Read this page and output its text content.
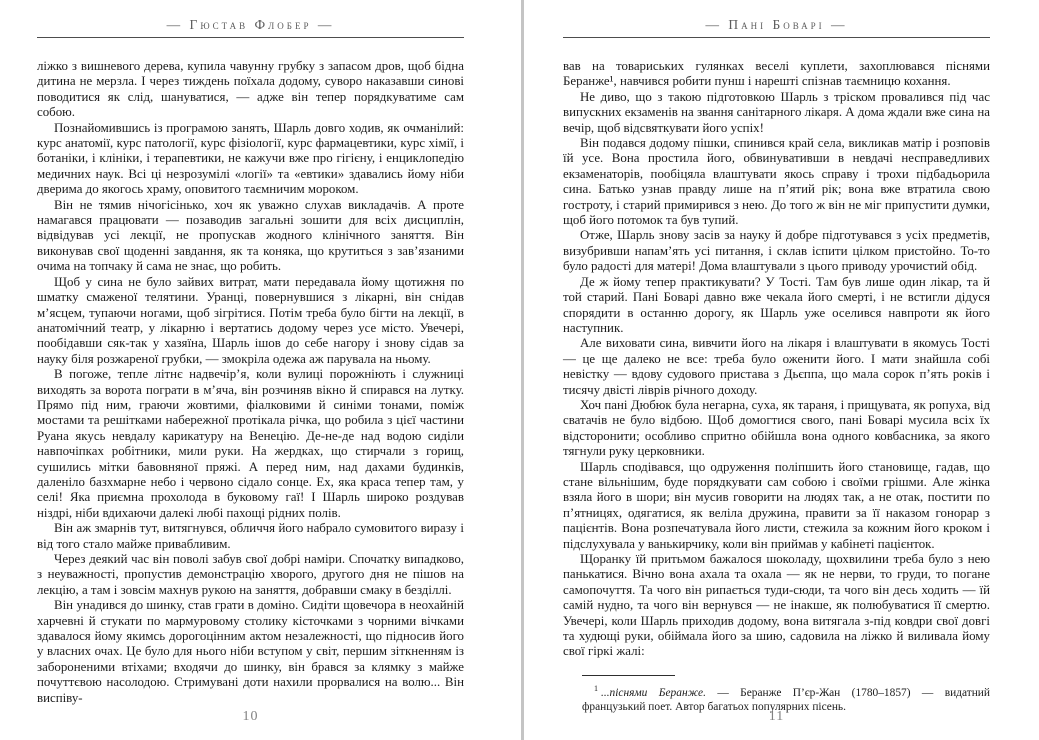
— Гюстав Флобер —

ліжко з вишневого дерева, купила чавунну грубку з запасом дров, щоб бідна дитина не мерзла. І через тиждень поїхала додому, суворо наказавши синові поводитися як слід, шануватися, — адже він тепер порядкуватиме сам собою.

Познайомившись із програмою занять, Шарль довго ходив, як очманілий: курс анатомії, курс патології, курс фізіології, курс фармацевтики, курс хімії, і ботаніки, і клініки, і терапевтики, не кажучи вже про гігієну, і енциклопедію медичних наук. Всі ці незрозумілі «логії» та «евтики» здавались йому ніби дверима до якогось храму, оповитого таємничим мороком.

Він не тямив нічогісінько, хоч як уважно слухав викладачів. А проте намагався працювати — позаводив загальні зошити для всіх дисциплін, відвідував усі лекції, не пропускав жодного клінічного заняття. Він виконував свої щоденні завдання, як та коняка, що крутиться з зав’язаними очима на топчаку й сама не знає, що робить.

Щоб у сина не було зайвих витрат, мати передавала йому щотижня по шматку смаженої телятини. Уранці, повернувшися з лікарні, він снідав м’ясцем, тупаючи ногами, щоб зігрітися. Потім треба було бігти на лекції, в анатомічний театр, у лікарню і вертатись додому через усе місто. Увечері, пообідавши сяк-так у хазяїна, Шарль ішов до себе нагору і знову сідав за науку біля розжареної грубки, — змокріла одежа аж парувала на ньому.

В погоже, тепле літнє надвечір’я, коли вулиці порожніють і служниці виходять за ворота пограти в м’яча, він розчиняв вікно й спирався на лутку. Прямо під ним, граючи жовтими, фіалковими й синіми тонами, поміж мостами та решітками набережної протікала річка, що робила з цієї частини Руана якусь невдалу карикатуру на Венецію. Де-не-де над водою сиділи навпочіпках робітники, мили руки. На жердках, що стирчали з горищ, сушились мітки бавовняної пряжі. А перед ним, над дахами будинків, даленіло базхмарне небо і червоно сідало сонце. Ех, яка краса тепер там, у селі! Яка приємна прохолода в буковому гаї! І Шарль широко роздував ніздрі, ніби вдихаючи далекі любі пахощі рідних полів.

Він аж змарнів тут, витягнувся, обличчя його набрало сумовитого виразу і від того стало майже привабливим.

Через деякий час він поволі забув свої добрі наміри. Спочатку випадково, з неуважності, пропустив демонстрацію хворого, другого дня не пішов на лекцію, а там і зовсім махнув рукою на заняття, добравши смаку в безділлі.

Він унадився до шинку, став грати в доміно. Сидіти щовечора в неохайній харчевні й стукати по мармуровому столику кісточками з чорними вічками здавалося йому якимсь дорогоцінним актом незалежності, що підносив його у власних очах. Це було для нього ніби вступом у світ, першим зіткненням із забороненими втіхами; входячи до шинку, він брався за клямку з майже почуттєвою насолодою. Стримувані доти нахили прорвалися на волю... Він виспіву-

10
— Пані Боварі —

вав на товариських гулянках веселі куплети, захоплювався піснями Беранже¹, навчився робити пунш і нарешті спізнав таємницю кохання.

Не диво, що з такою підготовкою Шарль з тріском провалився під час випускних екзаменів на звання санітарного лікаря. А дома ждали вже сина на вечір, щоб відсвяткувати його успіх!

Він подався додому пішки, спинився край села, викликав матір і розповів їй усе. Вона простила його, обвинувативши в невдачі несправедливих екзаменаторів, пообіцяла влаштувати якось справу і трохи підбадьорила сина. Батько узнав правду лише на п’ятий рік; вона вже втратила свою гостроту, і старий примирився з нею. До того ж він не міг припустити думки, щоб його потомок та був тупий.

Отже, Шарль знову засів за науку й добре підготувався з усіх предметів, визубривши напам’ять усі питання, і склав іспити цілком пристойно. То-то було радості для матері! Дома влаштували з цього приводу урочистий обід.

Де ж йому тепер практикувати? У Тості. Там був лише один лікар, та й той старий. Пані Боварі давно вже чекала його смерті, і не встигли дідуся спорядити в останню дорогу, як Шарль уже оселився навпроти як його наступник.

Але виховати сина, вивчити його на лікаря і влаштувати в якомусь Тості — це ще далеко не все: треба було оженити його. І мати знайшла собі невістку — вдову судового пристава з Дьєппа, що мала сорок п’ять років і тисячу двісті ліврів річного доходу.

Хоч пані Дюбюк була негарна, суха, як тараня, і прищувата, як ропуха, від сватачів не було відбою. Щоб домогтися свого, пані Боварі мусила всіх їх відсторонити; особливо спритно обійшла вона одного ковбасника, за якого тягнули руку церковники.

Шарль сподівався, що одруження поліпшить його становище, гадав, що стане вільнішим, буде порядкувати сам собою і своїми грішми. Але жінка взяла його в шори; він мусив говорити на людях так, а не отак, постити по п’ятницях, одягатися, як веліла дружина, правити за її наказом гонорар з пацієнтів. Вона розпечатувала його листи, стежила за кожним його кроком і підслухувала у ванькирчику, коли він приймав у кабінеті пацієнток.

Щоранку їй притьмом бажалося шоколаду, щохвилини треба було з нею панькатися. Вічно вона ахала та охала — як не нерви, то груди, то погане самопочуття. Та чого він рипається туди-сюди, та чого він десь ходить — їй самій нудно, та чого він вернувся — не інакше, як полюбуватися її смертю. Увечері, коли Шарль приходив додому, вона витягала з-під ковдри свої довгі та худющі руки, обіймала його за шию, садовила на ліжко й виливала йому свої гіркі жалі:

$^1$ ...піснями Беранже. — Беранже П’єр-Жан (1780–1857) — видатний французький поет. Автор багатьох популярних пісень.

11
